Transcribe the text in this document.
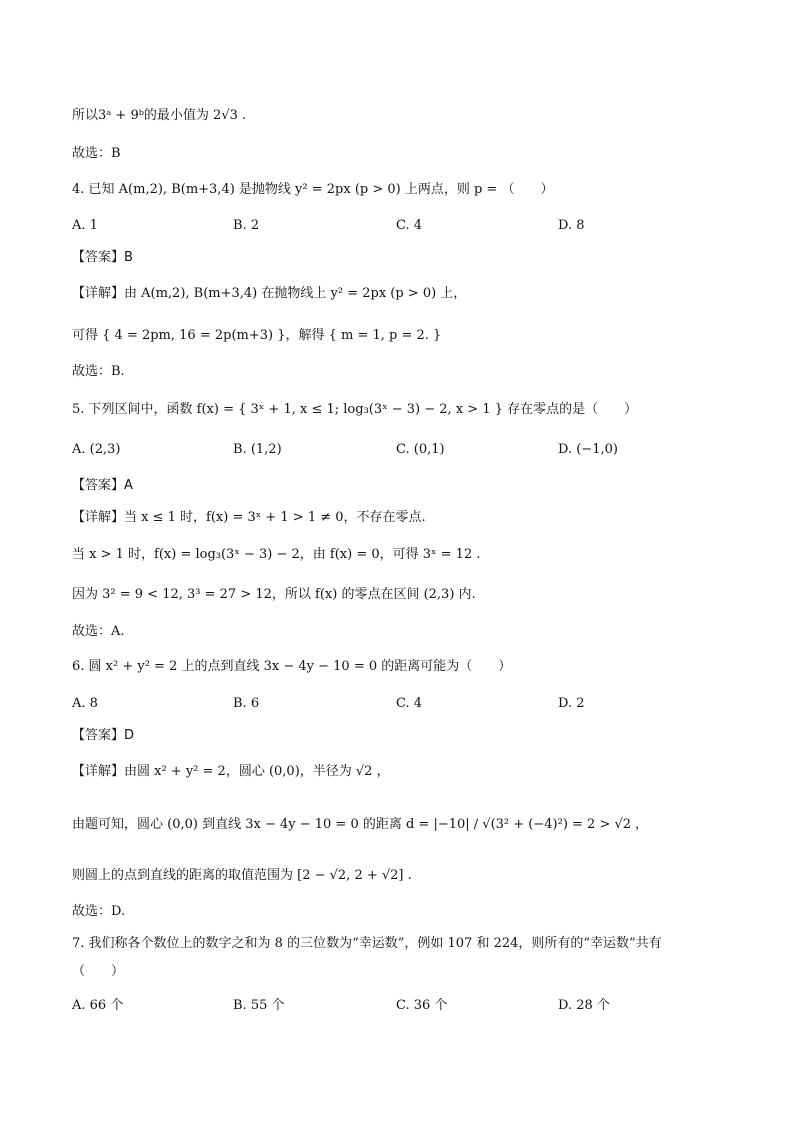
所以3ᵃ + 9ᵇ的最小值为 2√3 .
故选：B
4. 已知 A(m,2), B(m+3,4) 是抛物线 y² = 2px (p > 0) 上两点，则 p = （　　）
A. 1	B. 2	C. 4	D. 8
【答案】B
【详解】由 A(m,2), B(m+3,4) 在抛物线上 y² = 2px (p > 0) 上，
可得 { 4 = 2pm, 16 = 2p(m+3) }，解得 { m = 1, p = 2. }
故选：B.
5. 下列区间中，函数 f(x) = { 3ˣ + 1, x ≤ 1; log₃(3ˣ − 3) − 2, x > 1 } 存在零点的是（　　）
A. (2,3)	B. (1,2)	C. (0,1)	D. (−1,0)
【答案】A
【详解】当 x ≤ 1 时，f(x) = 3ˣ + 1 > 1 ≠ 0，不存在零点.
当 x > 1 时，f(x) = log₃(3ˣ − 3) − 2，由 f(x) = 0，可得 3ˣ = 12 .
因为 3² = 9 < 12, 3³ = 27 > 12，所以 f(x) 的零点在区间 (2,3) 内.
故选：A.
6. 圆 x² + y² = 2 上的点到直线 3x − 4y − 10 = 0 的距离可能为（　　）
A. 8	B. 6	C. 4	D. 2
【答案】D
【详解】由圆 x² + y² = 2，圆心 (0,0)，半径为 √2 ，
由题可知，圆心 (0,0) 到直线 3x − 4y − 10 = 0 的距离 d = |−10| / √(3² + (−4)²) = 2 > √2 ，
则圆上的点到直线的距离的取值范围为 [2 − √2, 2 + √2] .
故选：D.
7. 我们称各个数位上的数字之和为 8 的三位数为“幸运数”，例如 107 和 224，则所有的“幸运数”共有
（　　）
A. 66 个	B. 55 个	C. 36 个	D. 28 个
